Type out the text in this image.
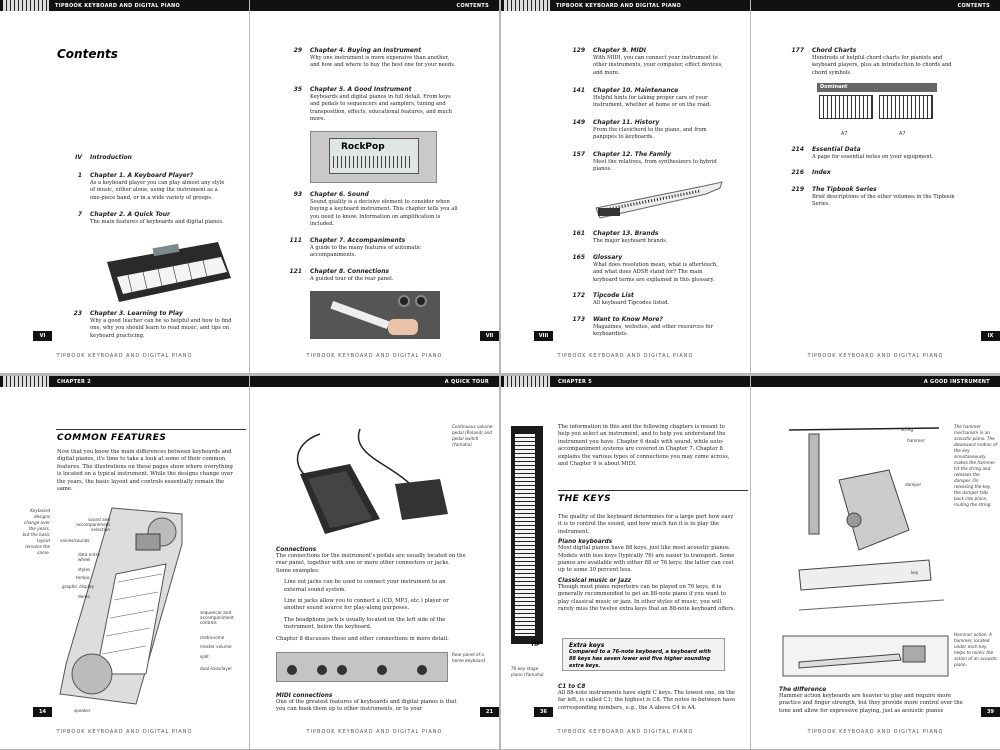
TIPBOOK KEYBOARD AND DIGITAL PIANO
Contents
IV Introduction
1 Chapter 1. A Keyboard Player?
As a keyboard player you can play almost any style of music, either alone, using the instrument as a one-piece band, or in a wide variety of groups.
7 Chapter 2. A Quick Tour
The main features of keyboards and digital pianos.
23 Chapter 3. Learning to Play
Why a good teacher can be so helpful and how to find one, why you should learn to read music, and tips on keyboard practicing.
VI
TIPBOOK KEYBOARD AND DIGITAL PIANO
CONTENTS
29 Chapter 4. Buying an Instrument
Why one instrument is more expensive than another, and how and where to buy the best one for your needs.
35 Chapter 5. A Good Instrument
Keyboards and digital pianos in full detail. From keys and pedals to sequencers and samplers, tuning and transposition, effects, educational features, and much more.
RockPop
93 Chapter 6. Sound
Sound quality is a decisive element to consider when buying a keyboard instrument. This chapter tells you all you need to know. Information on amplification is included.
111 Chapter 7. Accompaniments
A guide to the many features of automatic accompaniments.
121 Chapter 8. Connections
A guided tour of the rear panel.
VII
TIPBOOK KEYBOARD AND DIGITAL PIANO
TIPBOOK KEYBOARD AND DIGITAL PIANO
129 Chapter 9. MIDI
With MIDI, you can connect your instrument to other instruments, your computer, effect devices, and more.
141 Chapter 10. Maintenance
Helpful hints for taking proper care of your instrument, whether at home or on the road.
149 Chapter 11. History
From the clavichord to the piano, and from panpipes to keyboards.
157 Chapter 12. The Family
Meet the relatives, from synthesizers to hybrid pianos.
161 Chapter 13. Brands
The major keyboard brands.
165 Glossary
What does resolution mean, what is aftertouch, and what does ADSR stand for? The main keyboard terms are explained in this glossary.
172 Tipcode List
All keyboard Tipcodes listed.
173 Want to Know More?
Magazines, websites, and other resources for keyboardists.
VIII
TIPBOOK KEYBOARD AND DIGITAL PIANO
CONTENTS
177 Chord Charts
Hundreds of helpful chord charts for pianists and keyboard players, plus an introduction to chords and chord symbols.
Dominant
A7	A7
214 Essential Data
A page for essential notes on your equipment.
216 Index
219 The Tipbook Series
Brief descriptions of the other volumes in the Tipbook Series.
IX
TIPBOOK KEYBOARD AND DIGITAL PIANO
CHAPTER 2
COMMON FEATURES
Now that you know the main differences between keyboards and digital pianos, it's time to take a look at some of their common features. The illustrations on these pages show where everything is located on a typical instrument. While the designs change over the years, the basic layout and controls essentially remain the same.
Keyboard designs change over the years, but the basic layout remains the same.
sound and accompaniment selection
voices/sounds
data entry wheel
styles
tempo
graphic display
demo
sequencer and accompaniment controls
metronome
master volume
split
dual-/clos/layer
speaker
14
TIPBOOK KEYBOARD AND DIGITAL PIANO
A QUICK TOUR
Continuous volume pedal (Roland) and pedal switch (Yamaha)
Connections
The connections for the instrument's pedals are usually located on the rear panel, together with one or more other connectors or jacks. Some examples:
Line out jacks can be used to connect your instrument to an external sound system.
Line in jacks allow you to connect a (CD, MP3, etc.) player or another sound source for play-along purposes.
The headphone jack is usually located on the left side of the instrument, below the keyboard.
Chapter 8 discusses these and other connections in more detail.
Rear panel of a home keyboard
MIDI connections
One of the greatest features of keyboards and digital pianos is that you can hook them up to other instruments, or to your	21
TIPBOOK KEYBOARD AND DIGITAL PIANO
CHAPTER 5
76-key stage piano (Yamaha)
The information in this and the following chapters is meant to help you select an instrument, and to help you understand the instrument you have. Chapter 6 deals with sound, while auto-accompaniment systems are covered in Chapter 7. Chapter 8 explains the various types of connections you may come across, and Chapter 9 is about MIDI.
THE KEYS
The quality of the keyboard determines for a large part how easy it is to control the sound, and how much fun it is to play the instrument.
Piano keyboards
Most digital pianos have 88 keys, just like most acoustic pianos. Models with less keys (typically 76) are easier to transport. Some pianos are available with either 88 or 76 keys; the latter can cost up to some 30 percent less.
Classical music or jazz
Though most piano repertoire can be played on 76 keys, it is generally recommended to get an 88-note piano if you want to play classical music or jazz. In other styles of music, you will rarely miss the twelve extra keys that an 88-note keyboard offers.
TIP	Extra keys
Compared to a 76-note keyboard, a keyboard with 88 keys has seven lower and five higher sounding extra keys.
C1 to C8
All 88-note instruments have eight C keys. The lowest one, on the far left, is called C1; the highest is C8. The notes in-between have corresponding numbers, e.g., the A above C4 is A4.
36
TIPBOOK KEYBOARD AND DIGITAL PIANO
A GOOD INSTRUMENT
string
hammer
damper
key
The hammer mechanism in an acoustic piano. The downward motion of the key simultaneously makes the hammer hit the string and releases the damper. On releasing the key, the damper falls back into place, muting the string.
Hammer action. A hammer, located under each key, helps to mimic the action of an acoustic piano.
The difference
Hammer action keyboards are heavier to play and require more practice and finger strength, but they provide more control over the tone and allow for expressive playing, just as acoustic pianos	39
TIPBOOK KEYBOARD AND DIGITAL PIANO
